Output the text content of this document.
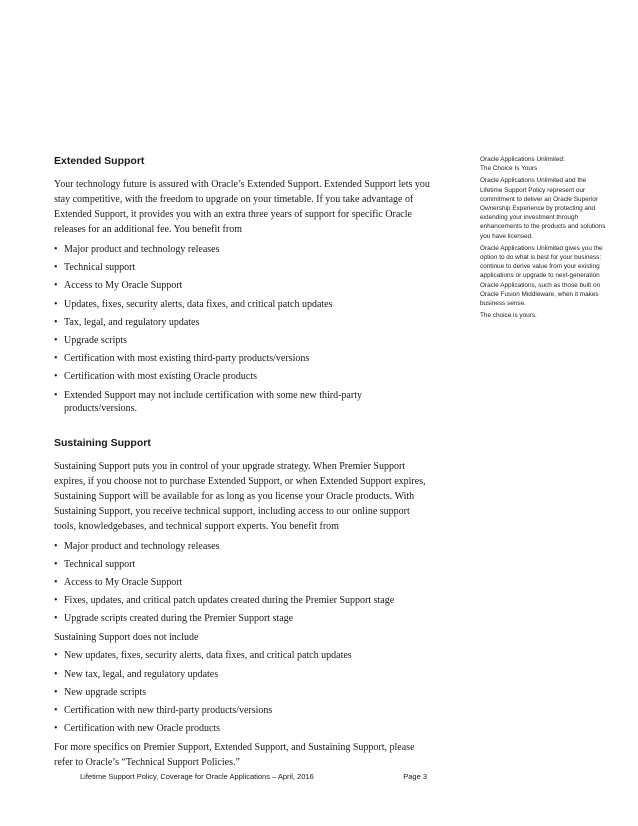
Extended Support

Your technology future is assured with Oracle’s Extended Support. Extended Support lets you stay competitive, with the freedom to upgrade on your timetable. If you take advantage of Extended Support, it provides you with an extra three years of support for specific Oracle releases for an additional fee. You benefit from

• Major product and technology releases
• Technical support
• Access to My Oracle Support
• Updates, fixes, security alerts, data fixes, and critical patch updates
• Tax, legal, and regulatory updates
• Upgrade scripts
• Certification with most existing third-party products/versions
• Certification with most existing Oracle products
• Extended Support may not include certification with some new third-party products/versions.
Sustaining Support

Sustaining Support puts you in control of your upgrade strategy. When Premier Support expires, if you choose not to purchase Extended Support, or when Extended Support expires, Sustaining Support will be available for as long as you license your Oracle products. With Sustaining Support, you receive technical support, including access to our online support tools, knowledgebases, and technical support experts. You benefit from

• Major product and technology releases
• Technical support
• Access to My Oracle Support
• Fixes, updates, and critical patch updates created during the Premier Support stage
• Upgrade scripts created during the Premier Support stage

Sustaining Support does not include

• New updates, fixes, security alerts, data fixes, and critical patch updates
• New tax, legal, and regulatory updates
• New upgrade scripts
• Certification with new third-party products/versions
• Certification with new Oracle products

For more specifics on Premier Support, Extended Support, and Sustaining Support, please refer to Oracle’s “Technical Support Policies.”

Oracle Applications Unlimited:

The Choice Is Yours

Oracle Applications Unlimited and the Lifetime Support Policy represent our commitment to deliver an Oracle Superior Ownership Experience by protecting and extending your investment through enhancements to the products and solutions you have licensed.

Oracle Applications Unlimited gives you the option to do what is best for your business: continue to derive value from your existing applications or upgrade to next-generation Oracle Applications, such as those built on Oracle Fusion Middleware, when it makes business sense.

The choice is yours.

Lifetime Support Policy, Coverage for Oracle Applications – April, 2016	Page 3
